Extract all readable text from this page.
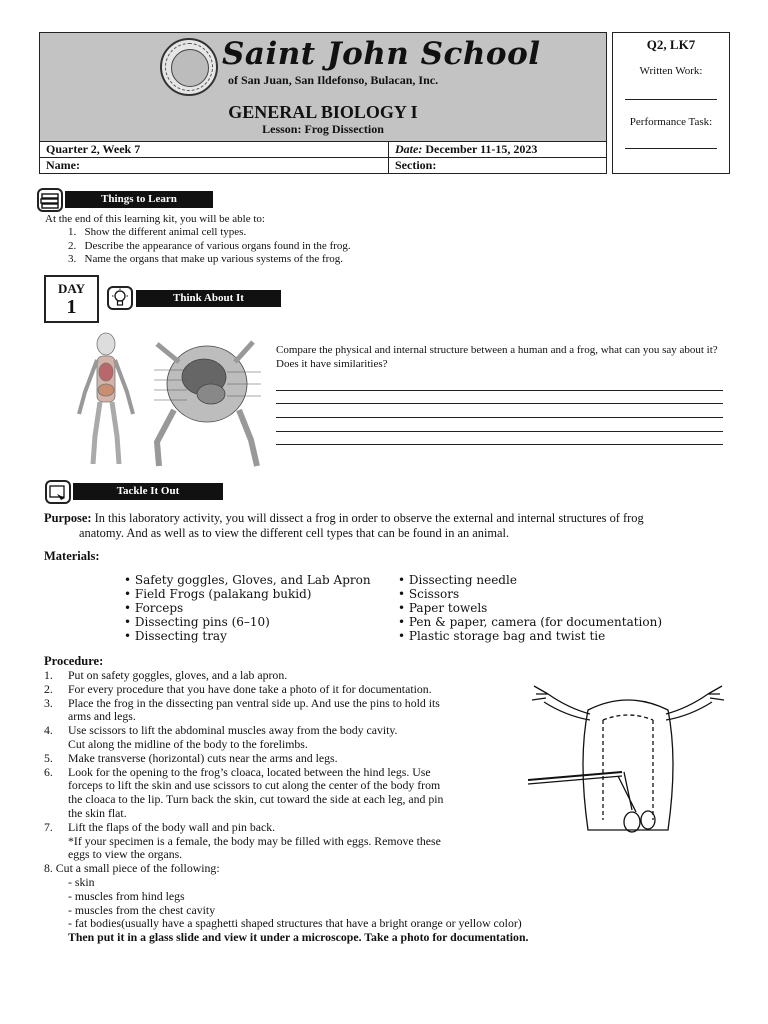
Saint John School
of San Juan, San Ildefonso, Bulacan, Inc.
GENERAL BIOLOGY I
Lesson: Frog Dissection
Quarter 2, Week 7	Date: December 11-15, 2023
Name:	Section:
Q2, LK7
Written Work:
Performance Task:
Things to Learn
At the end of this learning kit, you will be able to:
1.   Show the different animal cell types.
2.   Describe the appearance of various organs found in the frog.
3.   Name the organs that make up various systems of the frog.
DAY
1	Think About It
Compare the physical and internal structure between a human and a frog, what can you say about it? Does it have similarities?
Tackle It Out
Purpose: In this laboratory activity, you will dissect a frog in order to observe the external and internal structures of frog
anatomy. And as well as to view the different cell types that can be found in an animal.
Materials:
• Safety goggles, Gloves, and Lab Apron
• Field Frogs (palakang bukid)
• Forceps
• Dissecting pins (6–10)
• Dissecting tray
• Dissecting needle
• Scissors
• Paper towels
• Pen & paper, camera (for documentation)
• Plastic storage bag and twist tie
Procedure:
1. Put on safety goggles, gloves, and a lab apron.
2. For every procedure that you have done take a photo of it for documentation.
3. Place the frog in the dissecting pan ventral side up. And use the pins to hold its
arms and legs.
4. Use scissors to lift the abdominal muscles away from the body cavity.
Cut along the midline of the body to the forelimbs.
5. Make transverse (horizontal) cuts near the arms and legs.
6. Look for the opening to the frog’s cloaca, located between the hind legs. Use
forceps to lift the skin and use scissors to cut along the center of the body from
the cloaca to the lip. Turn back the skin, cut toward the side at each leg, and pin
the skin flat.
7. Lift the flaps of the body wall and pin back.
*If your specimen is a female, the body may be filled with eggs. Remove these
eggs to view the organs.
8. Cut a small piece of the following:
- skin
- muscles from hind legs
- muscles from the chest cavity
- fat bodies(usually have a spaghetti shaped structures that have a bright orange or yellow color)
Then put it in a glass slide and view it under a microscope. Take a photo for documentation.
